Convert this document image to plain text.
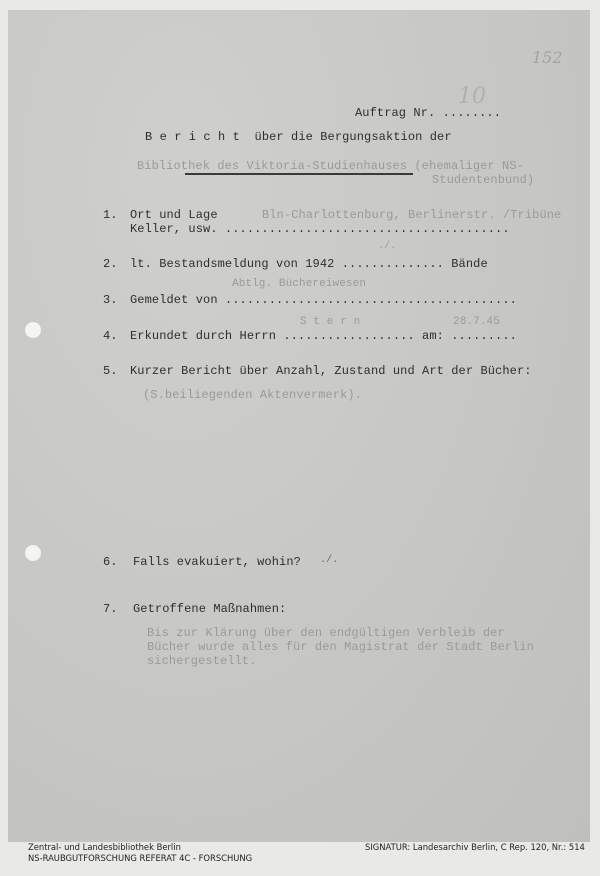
152
10
Auftrag Nr. ........
B e r i c h t  über die Bergungsaktion der
Bibliothek des Viktoria-Studienhauses (ehemaliger NS-
Studentenbund)
1. Ort und Lage
Keller, usw. .......................................
Bln-Charlottenburg, Berlinerstr. /Tribüne
2. lt. Bestandsmeldung von 1942 .............. Bände
./.
3. Gemeldet von ........................................
Abtlg. Büchereiwesen
4. Erkundet durch Herrn .................. am: .........
S t e r n	28.7.45
5. Kurzer Bericht über Anzahl, Zustand und Art der Bücher:
(S.beiliegenden Aktenvermerk).
6. Falls evakuiert, wohin? ./.
7. Getroffene Maßnahmen:
Bis zur Klärung über den endgültigen Verbleib der
Bücher wurde alles für den Magistrat der Stadt Berlin
sichergestellt.
Zentral- und Landesbibliothek Berlin
NS-RAUBGUTFORSCHUNG REFERAT 4C - FORSCHUNG
SIGNATUR: Landesarchiv Berlin, C Rep. 120, Nr.: 514
